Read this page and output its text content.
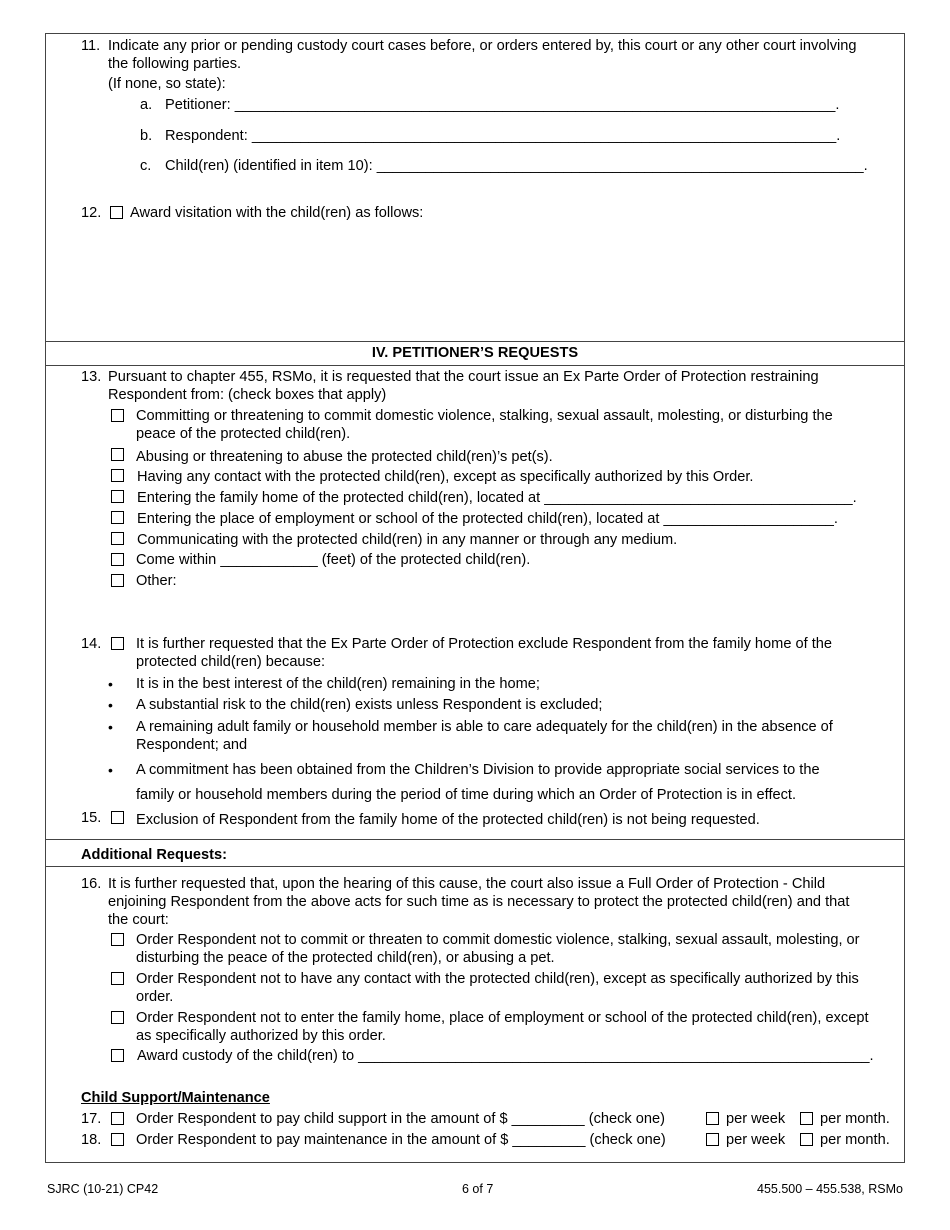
11. Indicate any prior or pending custody court cases before, or orders entered by, this court or any other court involving the following parties.
(If none, so state):
a. Petitioner: __________________________________________________________________________.
b. Respondent: ________________________________________________________________________.
c. Child(ren) (identified in item 10): ____________________________________________________________.
12. Award visitation with the child(ren) as follows:
IV. PETITIONER’S REQUESTS
13. Pursuant to chapter 455, RSMo, it is requested that the court issue an Ex Parte Order of Protection restraining Respondent from: (check boxes that apply)
Committing or threatening to commit domestic violence, stalking, sexual assault, molesting, or disturbing the peace of the protected child(ren).
Abusing or threatening to abuse the protected child(ren)’s pet(s).
Having any contact with the protected child(ren), except as specifically authorized by this Order.
Entering the family home of the protected child(ren), located at ______________________________________.
Entering the place of employment or school of the protected child(ren), located at _____________________.
Communicating with the protected child(ren) in any manner or through any medium.
Come within ____________ (feet) of the protected child(ren).
Other:
14. It is further requested that the Ex Parte Order of Protection exclude Respondent from the family home of the protected child(ren) because:
• It is in the best interest of the child(ren) remaining in the home;
• A substantial risk to the child(ren) exists unless Respondent is excluded;
• A remaining adult family or household member is able to care adequately for the child(ren) in the absence of Respondent; and
• A commitment has been obtained from the Children’s Division to provide appropriate social services to the
family or household members during the period of time during which an Order of Protection is in effect.
15. Exclusion of Respondent from the family home of the protected child(ren) is not being requested.
Additional Requests:
16. It is further requested that, upon the hearing of this cause, the court also issue a Full Order of Protection - Child enjoining Respondent from the above acts for such time as is necessary to protect the protected child(ren) and that the court:
Order Respondent not to commit or threaten to commit domestic violence, stalking, sexual assault, molesting, or disturbing the peace of the protected child(ren), or abusing a pet.
Order Respondent not to have any contact with the protected child(ren), except as specifically authorized by this order.
Order Respondent not to enter the family home, place of employment or school of the protected child(ren), except as specifically authorized by this order.
Award custody of the child(ren) to _______________________________________________________________.
Child Support/Maintenance
17. Order Respondent to pay child support in the amount of $ _________ (check one)	per week per month.
18. Order Respondent to pay maintenance in the amount of $ _________ (check one)	per week per month.
SJRC (10-21) CP42	6 of 7	455.500 – 455.538, RSMo
